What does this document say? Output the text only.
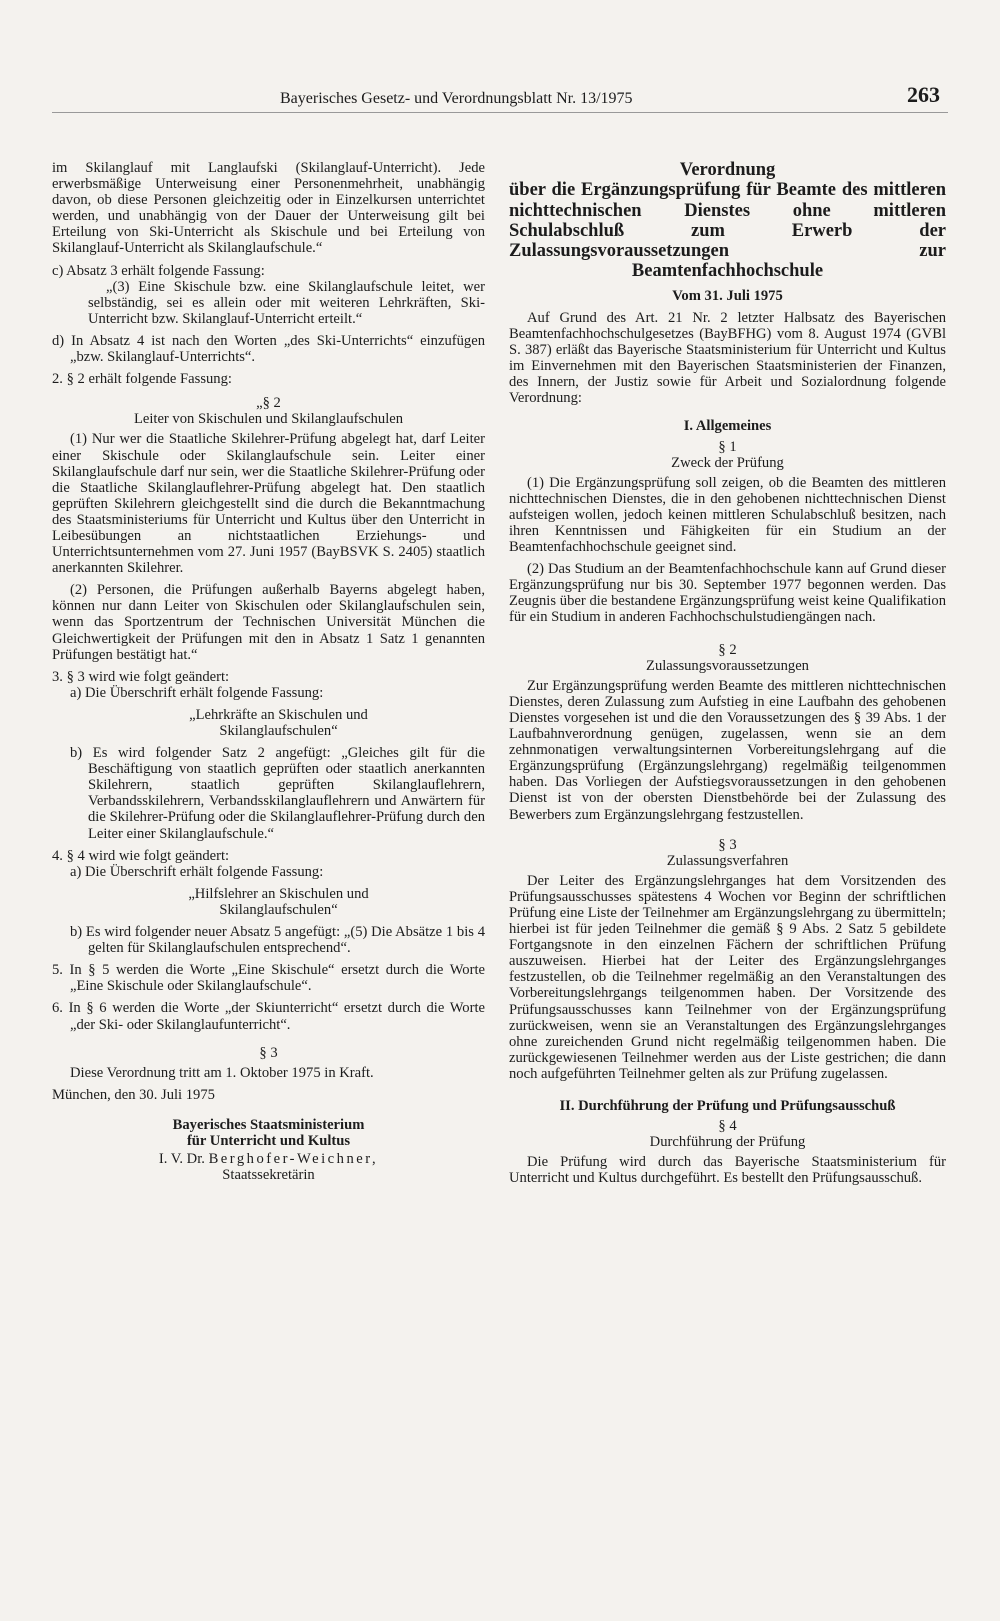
Bayerisches Gesetz- und Verordnungsblatt Nr. 13/1975	263

im Skilanglauf mit Langlaufski (Skilanglauf-Unterricht). Jede erwerbsmäßige Unterweisung einer Personenmehrheit, unabhängig davon, ob diese Personen gleichzeitig oder in Einzelkursen unterrichtet werden, und unabhängig von der Dauer der Unterweisung gilt bei Erteilung von Ski-Unterricht als Skischule und bei Erteilung von Skilanglauf-Unterricht als Skilanglaufschule.“

c) Absatz 3 erhält folgende Fassung:

„(3) Eine Skischule bzw. eine Skilanglaufschule leitet, wer selbständig, sei es allein oder mit weiteren Lehrkräften, Ski-Unterricht bzw. Skilanglauf-Unterricht erteilt.“

d) In Absatz 4 ist nach den Worten „des Ski-Unterrichts“ einzufügen „bzw. Skilanglauf-Unterrichts“.

2. § 2 erhält folgende Fassung:

„§ 2

Leiter von Skischulen und Skilanglaufschulen

(1) Nur wer die Staatliche Skilehrer-Prüfung abgelegt hat, darf Leiter einer Skischule oder Skilanglaufschule sein. Leiter einer Skilanglaufschule darf nur sein, wer die Staatliche Skilehrer-Prüfung oder die Staatliche Skilanglauflehrer-Prüfung abgelegt hat. Den staatlich geprüften Skilehrern gleichgestellt sind die durch die Bekanntmachung des Staatsministeriums für Unterricht und Kultus über den Unterricht in Leibesübungen an nichtstaatlichen Erziehungs- und Unterrichtsunternehmen vom 27. Juni 1957 (BayBSVK S. 2405) staatlich anerkannten Skilehrer.

(2) Personen, die Prüfungen außerhalb Bayerns abgelegt haben, können nur dann Leiter von Skischulen oder Skilanglaufschulen sein, wenn das Sportzentrum der Technischen Universität München die Gleichwertigkeit der Prüfungen mit den in Absatz 1 Satz 1 genannten Prüfungen bestätigt hat.“

3. § 3 wird wie folgt geändert:

a) Die Überschrift erhält folgende Fassung:

„Lehrkräfte an Skischulen und Skilanglaufschulen“

b) Es wird folgender Satz 2 angefügt: „Gleiches gilt für die Beschäftigung von staatlich geprüften oder staatlich anerkannten Skilehrern, staatlich geprüften Skilanglauflehrern, Verbandsskilehrern, Verbandsskilanglauflehrern und Anwärtern für die Skilehrer-Prüfung oder die Skilanglauflehrer-Prüfung durch den Leiter einer Skilanglaufschule.“

4. § 4 wird wie folgt geändert:

a) Die Überschrift erhält folgende Fassung:

„Hilfslehrer an Skischulen und Skilanglaufschulen“

b) Es wird folgender neuer Absatz 5 angefügt: „(5) Die Absätze 1 bis 4 gelten für Skilanglaufschulen entsprechend“.

5. In § 5 werden die Worte „Eine Skischule“ ersetzt durch die Worte „Eine Skischule oder Skilanglaufschule“.

6. In § 6 werden die Worte „der Skiunterricht“ ersetzt durch die Worte „der Ski- oder Skilanglaufunterricht“.

§ 3

Diese Verordnung tritt am 1. Oktober 1975 in Kraft.

München, den 30. Juli 1975

Bayerisches Staatsministerium
für Unterricht und Kultus

I. V. Dr. Berghofer-Weichner,

Staatssekretärin

Verordnung

über die Ergänzungsprüfung für Beamte des mittleren nichttechnischen Dienstes ohne mittleren Schulabschluß zum Erwerb der Zulassungsvoraussetzungen zur Beamtenfachhochschule

Vom 31. Juli 1975

Auf Grund des Art. 21 Nr. 2 letzter Halbsatz des Bayerischen Beamtenfachhochschulgesetzes (BayBFHG) vom 8. August 1974 (GVBl S. 387) erläßt das Bayerische Staatsministerium für Unterricht und Kultus im Einvernehmen mit den Bayerischen Staatsministerien der Finanzen, des Innern, der Justiz sowie für Arbeit und Sozialordnung folgende Verordnung:

I. Allgemeines

§ 1

Zweck der Prüfung

(1) Die Ergänzungsprüfung soll zeigen, ob die Beamten des mittleren nichttechnischen Dienstes, die in den gehobenen nichttechnischen Dienst aufsteigen wollen, jedoch keinen mittleren Schulabschluß besitzen, nach ihren Kenntnissen und Fähigkeiten für ein Studium an der Beamtenfachhochschule geeignet sind.

(2) Das Studium an der Beamtenfachhochschule kann auf Grund dieser Ergänzungsprüfung nur bis 30. September 1977 begonnen werden. Das Zeugnis über die bestandene Ergänzungsprüfung weist keine Qualifikation für ein Studium in anderen Fachhochschulstudiengängen nach.

§ 2

Zulassungsvoraussetzungen

Zur Ergänzungsprüfung werden Beamte des mittleren nichttechnischen Dienstes, deren Zulassung zum Aufstieg in eine Laufbahn des gehobenen Dienstes vorgesehen ist und die den Voraussetzungen des § 39 Abs. 1 der Laufbahnverordnung genügen, zugelassen, wenn sie an dem zehnmonatigen verwaltungsinternen Vorbereitungslehrgang auf die Ergänzungsprüfung (Ergänzungslehrgang) regelmäßig teilgenommen haben. Das Vorliegen der Aufstiegsvoraussetzungen in den gehobenen Dienst ist von der obersten Dienstbehörde bei der Zulassung des Bewerbers zum Ergänzungslehrgang festzustellen.

§ 3

Zulassungsverfahren

Der Leiter des Ergänzungslehrganges hat dem Vorsitzenden des Prüfungsausschusses spätestens 4 Wochen vor Beginn der schriftlichen Prüfung eine Liste der Teilnehmer am Ergänzungslehrgang zu übermitteln; hierbei ist für jeden Teilnehmer die gemäß § 9 Abs. 2 Satz 5 gebildete Fortgangsnote in den einzelnen Fächern der schriftlichen Prüfung auszuweisen. Hierbei hat der Leiter des Ergänzungslehrganges festzustellen, ob die Teilnehmer regelmäßig an den Veranstaltungen des Vorbereitungslehrgangs teilgenommen haben. Der Vorsitzende des Prüfungsausschusses kann Teilnehmer von der Ergänzungsprüfung zurückweisen, wenn sie an Veranstaltungen des Ergänzungslehrganges ohne zureichenden Grund nicht regelmäßig teilgenommen haben. Die zurückgewiesenen Teilnehmer werden aus der Liste gestrichen; die dann noch aufgeführten Teilnehmer gelten als zur Prüfung zugelassen.

II. Durchführung der Prüfung und Prüfungsausschuß

§ 4

Durchführung der Prüfung

Die Prüfung wird durch das Bayerische Staatsministerium für Unterricht und Kultus durchgeführt. Es bestellt den Prüfungsausschuß.
